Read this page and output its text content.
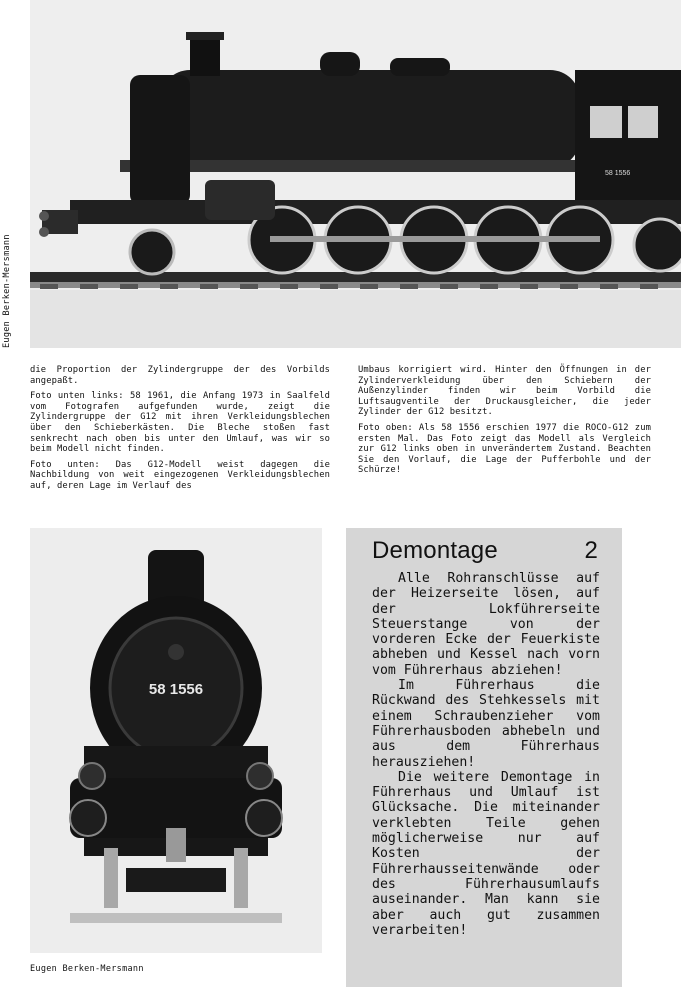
58 1556
Eugen Berken-Mersmann

die Proportion der Zylindergruppe der des Vorbilds angepaßt.

Foto unten links: 58 1961, die Anfang 1973 in Saalfeld vom Fotografen aufgefunden wurde, zeigt die Zylindergruppe der G12 mit ihren Verkleidungsblechen über den Schieberkästen. Die Bleche stoßen fast senkrecht nach oben bis unter den Umlauf, was wir so beim Modell nicht finden.

Foto unten: Das G12-Modell weist dagegen die Nachbildung von weit eingezogenen Verkleidungsblechen auf, deren Lage im Verlauf des

Umbaus korrigiert wird. Hinter den Öffnungen in der Zylinderverkleidung über den Schiebern der Außenzylinder finden wir beim Vorbild die Luftsaugventile der Druckausgleicher, die jeder Zylinder der G12 besitzt.

Foto oben: Als 58 1556 erschien 1977 die ROCO-G12 zum ersten Mal. Das Foto zeigt das Modell als Vergleich zur G12 links oben in unverändertem Zustand. Beachten Sie den Vorlauf, die Lage der Pufferbohle und der Schürze!

58 1556
Eugen Berken-Mersmann
Demontage	2

Alle Rohranschlüsse auf der Heizerseite lösen, auf der Lokführerseite Steuerstange von der vorderen Ecke der Feuerkiste abheben und Kessel nach vorn vom Führerhaus abziehen!

Im Führerhaus die Rückwand des Stehkessels mit einem Schraubenzieher vom Führerhausboden abhebeln und aus dem Führerhaus herausziehen!

Die weitere Demontage in Führerhaus und Umlauf ist Glücksache. Die miteinander verklebten Teile gehen möglicherweise nur auf Kosten der Führerhausseitenwände oder des Führerhausumlaufs auseinander. Man kann sie aber auch gut zusammen verarbeiten!
